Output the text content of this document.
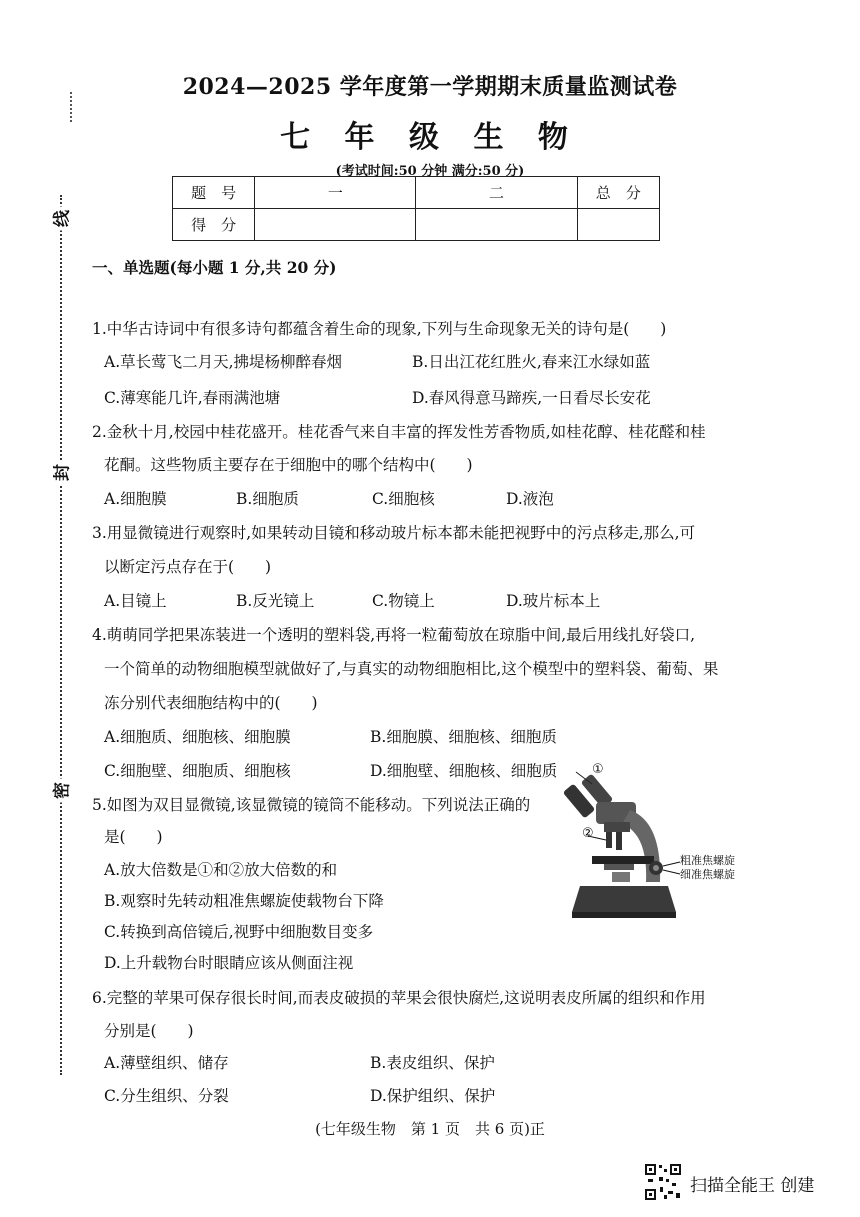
线
封
密
2024—2025 学年度第一学期期末质量监测试卷
七 年 级 生 物
(考试时间:50 分钟 满分:50 分)
题　号	一	二	总　分
得　分			
一、单选题(每小题 1 分,共 20 分)
1.中华古诗词中有很多诗句都蕴含着生命的现象,下列与生命现象无关的诗句是(　　)
A.草长莺飞二月天,拂堤杨柳醉春烟	B.日出江花红胜火,春来江水绿如蓝
C.薄寒能几许,春雨满池塘	D.春风得意马蹄疾,一日看尽长安花
2.金秋十月,校园中桂花盛开。桂花香气来自丰富的挥发性芳香物质,如桂花醇、桂花醛和桂
花酮。这些物质主要存在于细胞中的哪个结构中(　　)
A.细胞膜	B.细胞质	C.细胞核	D.液泡
3.用显微镜进行观察时,如果转动目镜和移动玻片标本都未能把视野中的污点移走,那么,可
以断定污点存在于(　　)
A.目镜上	B.反光镜上	C.物镜上	D.玻片标本上
4.萌萌同学把果冻装进一个透明的塑料袋,再将一粒葡萄放在琼脂中间,最后用线扎好袋口,
一个简单的动物细胞模型就做好了,与真实的动物细胞相比,这个模型中的塑料袋、葡萄、果
冻分别代表细胞结构中的(　　)
A.细胞质、细胞核、细胞膜	B.细胞膜、细胞核、细胞质
C.细胞壁、细胞质、细胞核	D.细胞壁、细胞核、细胞质
5.如图为双目显微镜,该显微镜的镜筒不能移动。下列说法正确的
是(　　)
A.放大倍数是①和②放大倍数的和
B.观察时先转动粗准焦螺旋使载物台下降
C.转换到高倍镜后,视野中细胞数目变多
D.上升载物台时眼睛应该从侧面注视
①
②
粗准焦螺旋
细准焦螺旋
6.完整的苹果可保存很长时间,而表皮破损的苹果会很快腐烂,这说明表皮所属的组织和作用
分别是(　　)
A.薄壁组织、储存	B.表皮组织、保护
C.分生组织、分裂	D.保护组织、保护
(七年级生物　第 1 页　共 6 页)正
扫描全能王 创建
